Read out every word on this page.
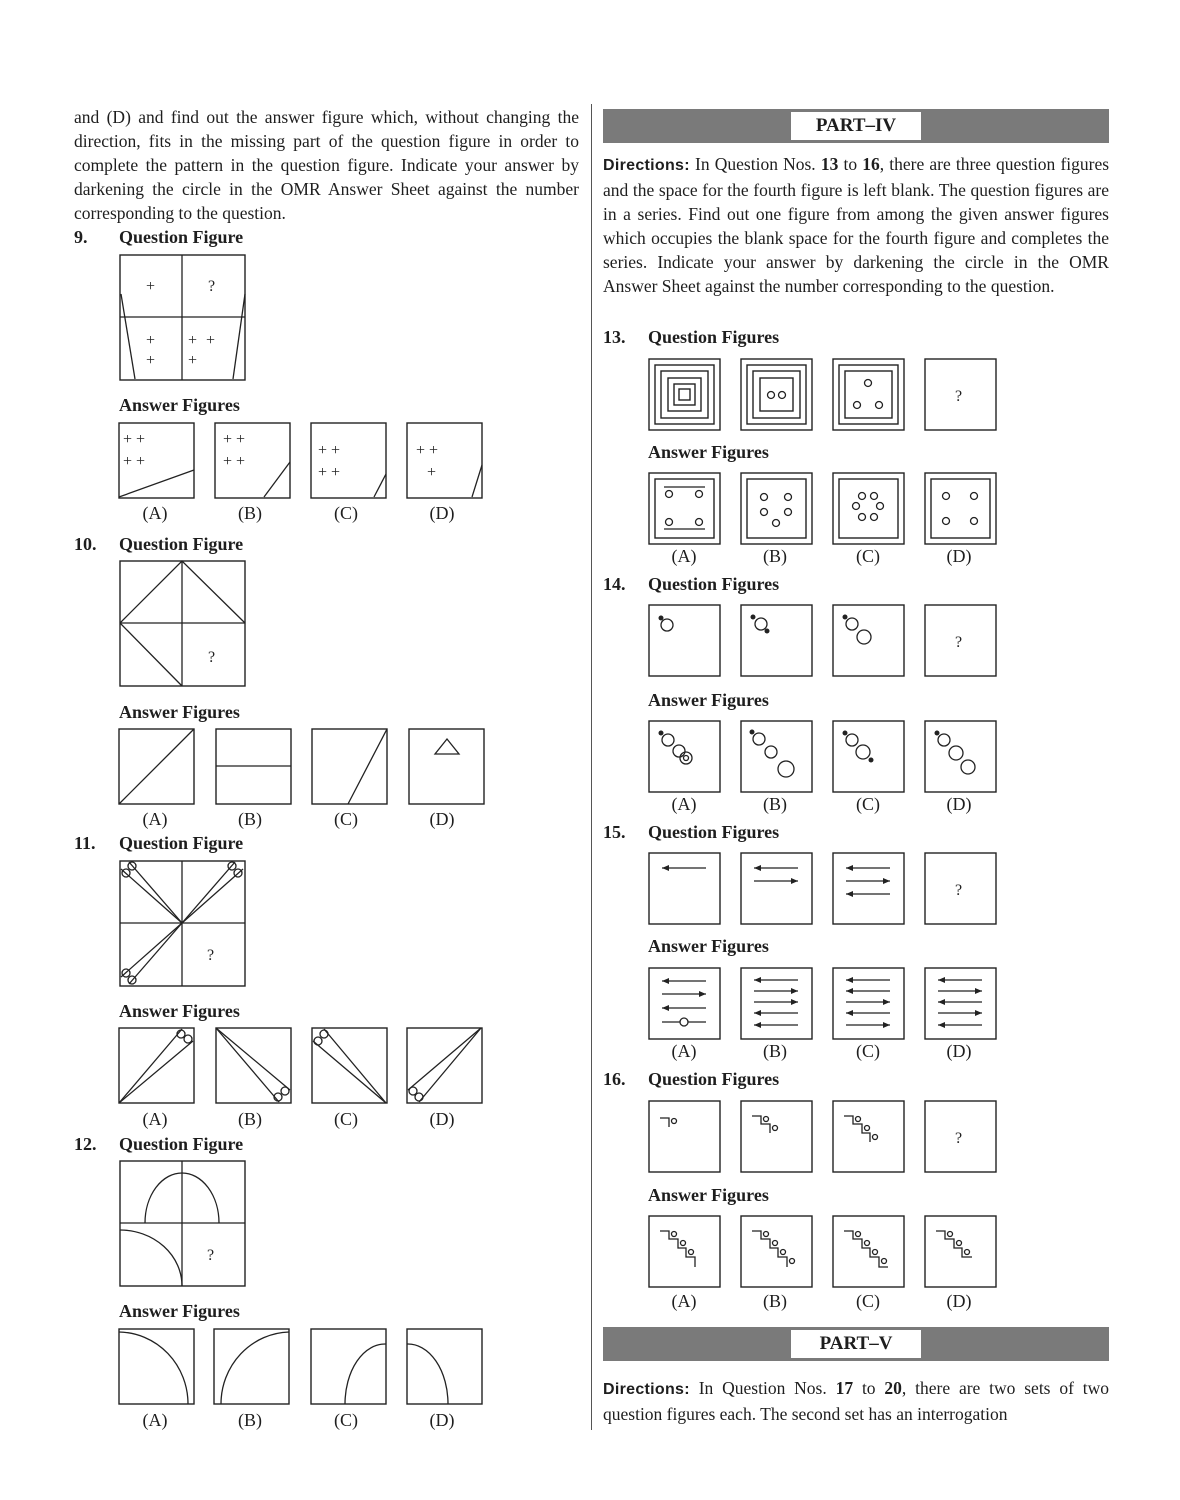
and (D) and find out the answer figure which, without changing the direction, fits in the missing part of the question figure in order to complete the pattern in the question figure. Indicate your answer by darkening the circle in the OMR Answer Sheet against the number corresponding to the question.
9. Question Figure
+	?
+
+
+ +
+
Answer Figures
+ +
+ +
+ +
+ +
+ +
+ +
+ +
+
(A)	(B)	(C)	(D)
10. Question Figure
?
Answer Figures
(A)	(B)	(C)	(D)
11. Question Figure
?
Answer Figures
(A)	(B)	(C)	(D)
12. Question Figure
?
Answer Figures
(A)	(B)	(C)	(D)
PART–IV
Directions: In Question Nos. 13 to 16, there are three question figures and the space for the fourth figure is left blank. The question figures are in a series. Find out one figure from among the given answer figures which occupies the blank space for the fourth figure and completes the series. Indicate your answer by darkening the circle in the OMR Answer Sheet against the number corresponding to the question.
13. Question Figures
?
Answer Figures
(A)	(B)	(C)	(D)
14. Question Figures
?
Answer Figures
(A)	(B)	(C)	(D)
15. Question Figures
?
Answer Figures
(A)	(B)	(C)	(D)
16. Question Figures
?
Answer Figures
(A)	(B)	(C)	(D)
PART–V
Directions: In Question Nos. 17 to 20, there are two sets of two question figures each. The second set has an interrogation
